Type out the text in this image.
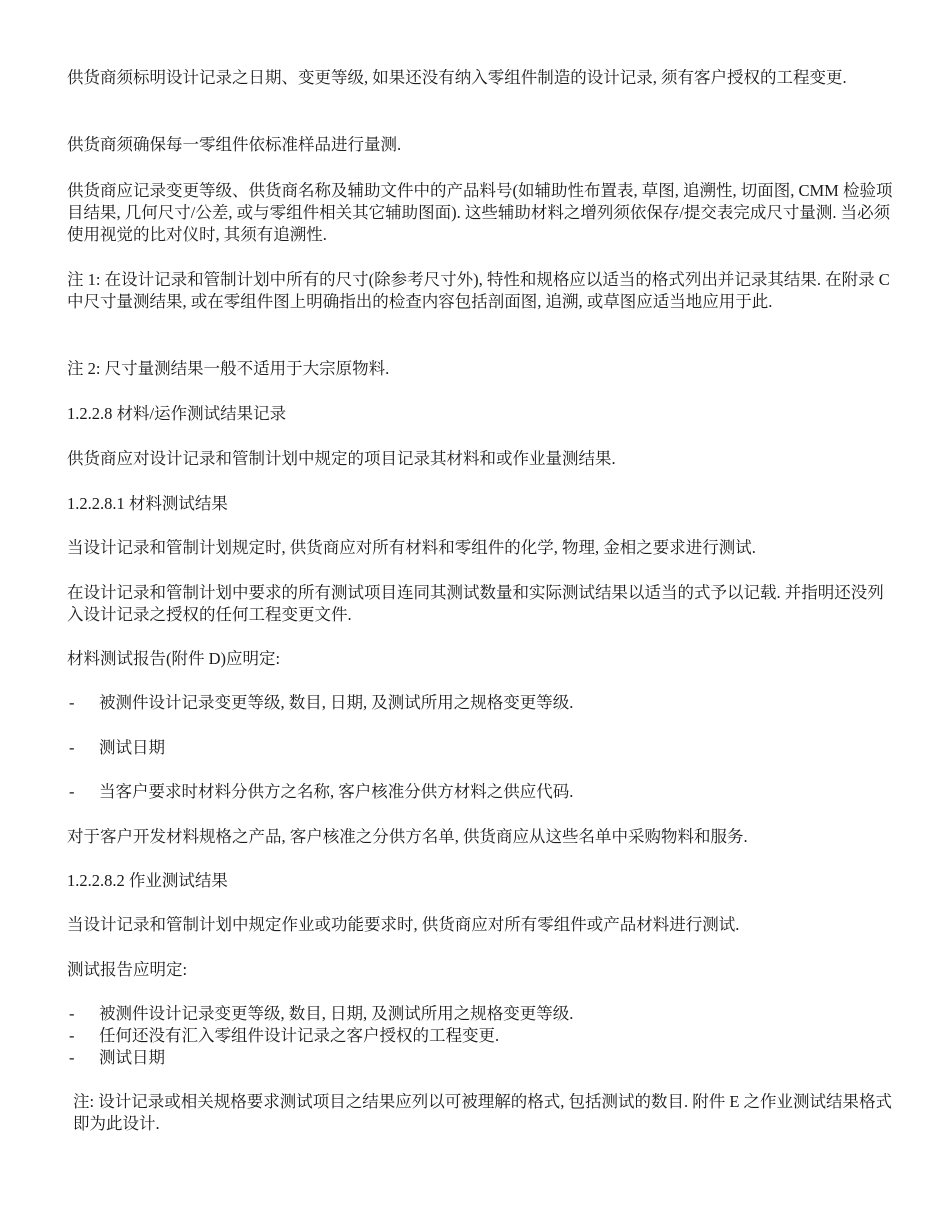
供货商须标明设计记录之日期、变更等级, 如果还没有纳入零组件制造的设计记录, 须有客户授权的工程变更.

供货商须确保每一零组件依标准样品进行量测.

供货商应记录变更等级、供货商名称及辅助文件中的产品料号(如辅助性布置表, 草图, 追溯性, 切面图, CMM 检验项目结果, 几何尺寸/公差, 或与零组件相关其它辅助图面). 这些辅助材料之增列须依保存/提交表完成尺寸量测. 当必须使用视觉的比对仪时, 其须有追溯性.

注 1: 在设计记录和管制计划中所有的尺寸(除参考尺寸外), 特性和规格应以适当的格式列出并记录其结果. 在附录 C 中尺寸量测结果, 或在零组件图上明确指出的检查内容包括剖面图, 追溯, 或草图应适当地应用于此.

注 2: 尺寸量测结果一般不适用于大宗原物料.

1.2.2.8 材料/运作测试结果记录

供货商应对设计记录和管制计划中规定的项目记录其材料和或作业量测结果.

1.2.2.8.1 材料测试结果

当设计记录和管制计划规定时, 供货商应对所有材料和零组件的化学, 物理, 金相之要求进行测试.

在设计记录和管制计划中要求的所有测试项目连同其测试数量和实际测试结果以适当的式予以记载. 并指明还没列入设计记录之授权的任何工程变更文件.

材料测试报告(附件 D)应明定:

- 被测件设计记录变更等级, 数目, 日期, 及测试所用之规格变更等级.
- 测试日期
- 当客户要求时材料分供方之名称, 客户核准分供方材料之供应代码.

对于客户开发材料规格之产品, 客户核准之分供方名单, 供货商应从这些名单中采购物料和服务.

1.2.2.8.2 作业测试结果

当设计记录和管制计划中规定作业或功能要求时, 供货商应对所有零组件或产品材料进行测试.

测试报告应明定:

- 被测件设计记录变更等级, 数目, 日期, 及测试所用之规格变更等级.
- 任何还没有汇入零组件设计记录之客户授权的工程变更.
- 测试日期

注: 设计记录或相关规格要求测试项目之结果应列以可被理解的格式, 包括测试的数目. 附件 E 之作业测试结果格式即为此设计.
